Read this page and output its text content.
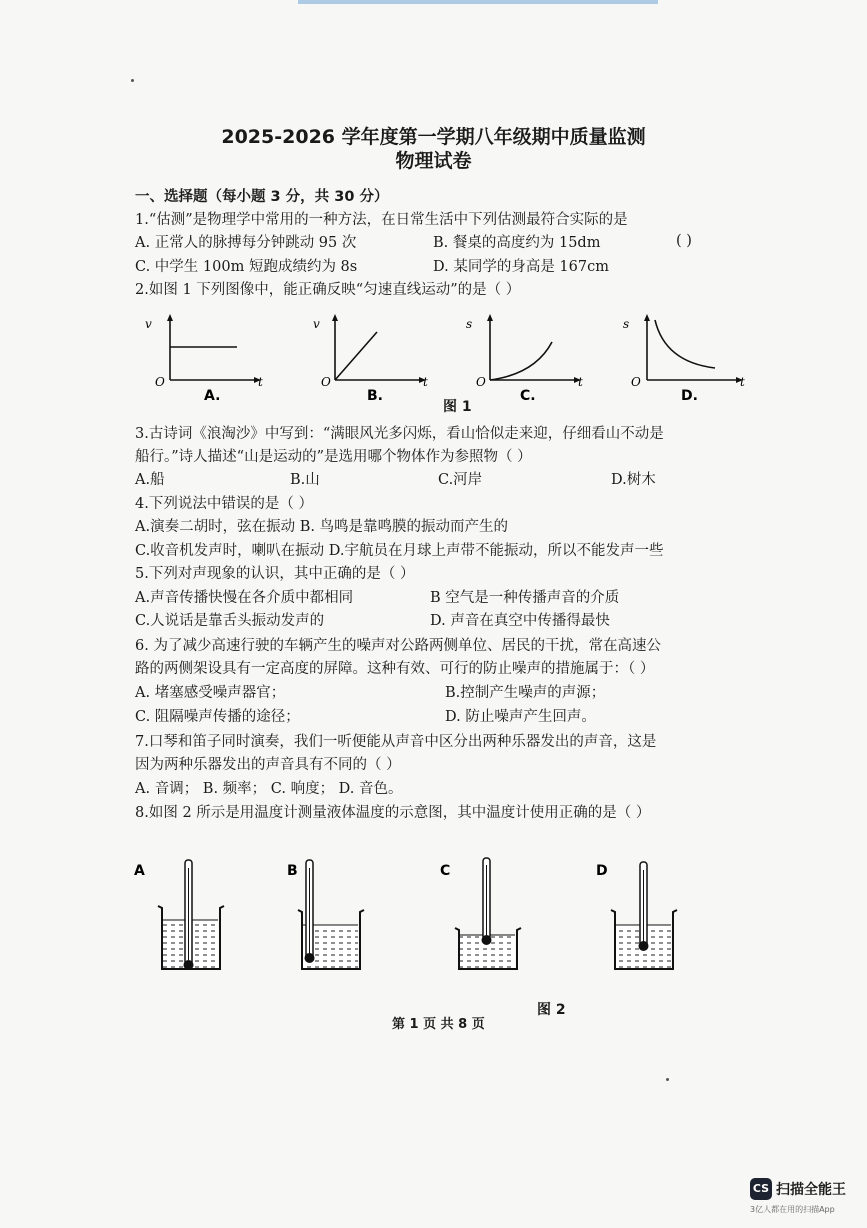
2025-2026 学年度第一学期八年级期中质量监测
物理试卷
一、选择题（每小题 3 分，共 30 分）
1.“估测”是物理学中常用的一种方法，在日常生活中下列估测最符合实际的是
A. 正常人的脉搏每分钟跳动 95 次	B. 餐桌的高度约为 15dm	( )
C. 中学生 100m 短跑成绩约为 8s	D. 某同学的身高是 167cm
2.如图 1 下列图像中，能正确反映“匀速直线运动”的是（ ）
v
O	t
A.
v
O	t
B.
s
O	t
C.
s
O	t
D.
图 1
3.古诗词《浪淘沙》中写到：“满眼风光多闪烁，看山恰似走来迎，仔细看山不动是
船行。”诗人描述“山是运动的”是选用哪个物体作为参照物（ ）
A.船	B.山	C.河岸	D.树木
4.下列说法中错误的是（ ）
A.演奏二胡时，弦在振动 B. 鸟鸣是靠鸣膜的振动而产生的
C.收音机发声时，喇叭在振动 D.宇航员在月球上声带不能振动，所以不能发声一些
5.下列对声现象的认识，其中正确的是（ ）
A.声音传播快慢在各介质中都相同	B 空气是一种传播声音的介质
C.人说话是靠舌头振动发声的	D. 声音在真空中传播得最快
6. 为了减少高速行驶的车辆产生的噪声对公路两侧单位、居民的干扰，常在高速公
路的两侧架设具有一定高度的屏障。这种有效、可行的防止噪声的措施属于：（ ）
A. 堵塞感受噪声器官；	B.控制产生噪声的声源；
C. 阻隔噪声传播的途径；	D. 防止噪声产生回声。
7.口琴和笛子同时演奏，我们一听便能从声音中区分出两种乐器发出的声音，这是
因为两种乐器发出的声音具有不同的（ ）
A. 音调； B. 频率； C. 响度； D. 音色。
8.如图 2 所示是用温度计测量液体温度的示意图，其中温度计使用正确的是（ ）
A	B	C	D
图 2
第 1 页 共 8 页
CS 扫描全能王
3亿人都在用的扫描App
